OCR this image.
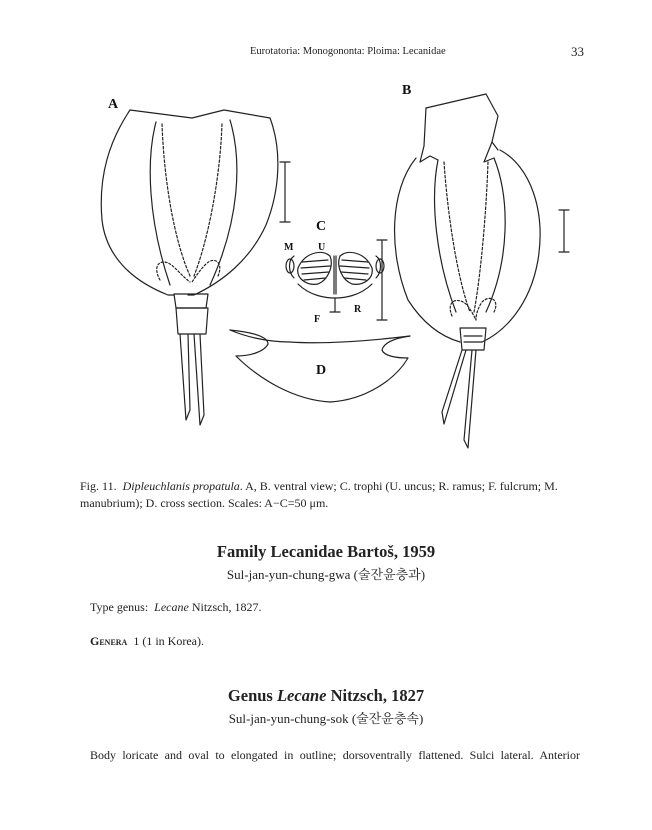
Eurotatoria: Monogononta: Ploima: Lecanidae	33
A
B
C
D
M U
R
F
Fig. 11. Dipleuchlanis propatula. A, B. ventral view; C. trophi (U. uncus; R. ramus; F. fulcrum; M. manubrium); D. cross section. Scales: A−C=50 μm.
Family Lecanidae Bartoš, 1959
Sul-jan-yun-chung-gwa (술잔윤충과)
Type genus: Lecane Nitzsch, 1827.
Genera 1 (1 in Korea).
Genus Lecane Nitzsch, 1827
Sul-jan-yun-chung-sok (술잔윤충속)
Body loricate and oval to elongated in outline; dorsoventrally flattened. Sulci lateral. Anterior
